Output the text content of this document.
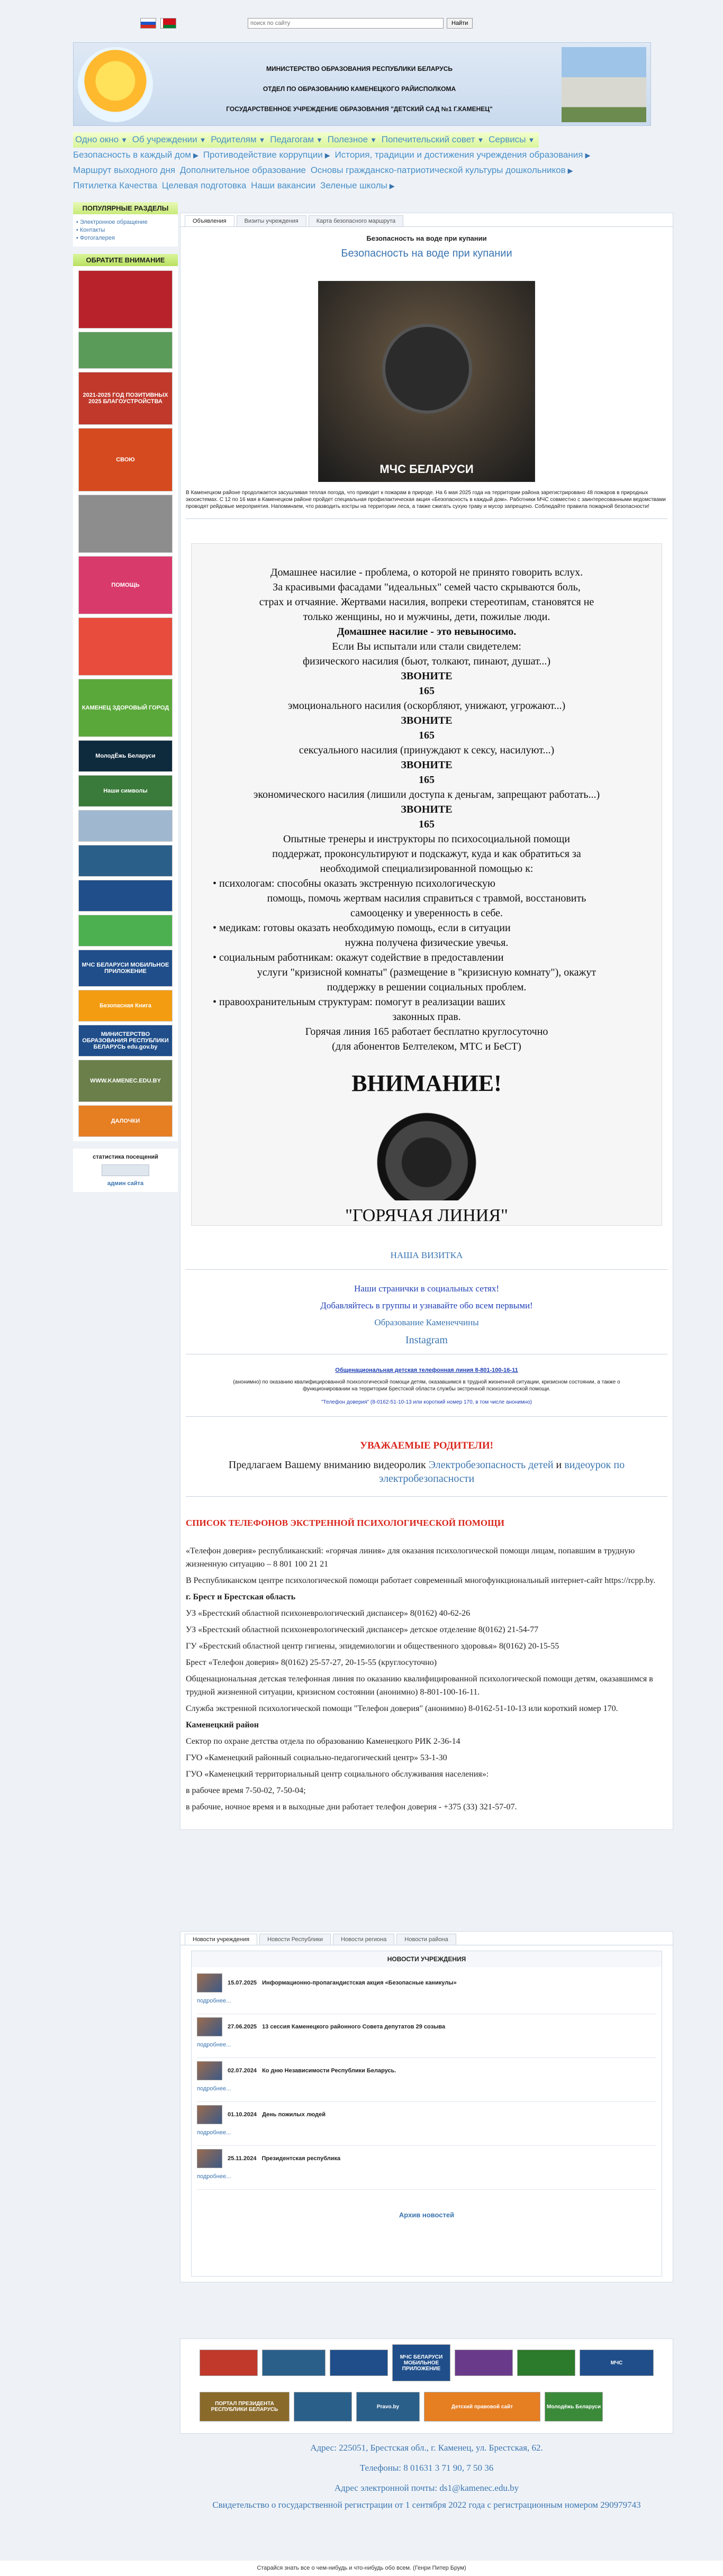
поиск по сайту
Найти
МИНИСТЕРСТВО ОБРАЗОВАНИЯ РЕСПУБЛИКИ БЕЛАРУСЬ
ОТДЕЛ ПО ОБРАЗОВАНИЮ КАМЕНЕЦКОГО РАЙИСПОЛКОМА
ГОСУДАРСТВЕННОЕ УЧРЕЖДЕНИЕ ОБРАЗОВАНИЯ "ДЕТСКИЙ САД №1 Г.КАМЕНЕЦ"
Одно окно ▼ Об учреждении ▼ Родителям ▼ Педагогам ▼ Полезное ▼ Попечительский совет ▼ Сервисы ▼
Безопасность в каждый дом ▶ Противодействие коррупции ▶ История, традиции и достижения учреждения образования ▶
Маршрут выходного дня Дополнительное образование Основы гражданско-патриотической культуры дошкольников ▶
Пятилетка Качества Целевая подготовка Наши вакансии Зеленые школы ▶
ПОПУЛЯРНЫЕ РАЗДЕЛЫ
• Электронное обращение
• Контакты
• Фотогалерея
ОБРАТИТЕ ВНИМАНИЕ
2021-2025 ГОД ПОЗИТИВНЫХ 2025 БЛАГОУСТРОЙСТВА
СВОЮ
ПОМОЩЬ
КАМЕНЕЦ ЗДОРОВЫЙ ГОРОД
МолодЁжь Беларуси
Наши символы
МЧС БЕЛАРУСИ МОБИЛЬНОЕ ПРИЛОЖЕНИЕ
Безопасная Книга
МИНИСТЕРСТВО ОБРАЗОВАНИЯ РЕСПУБЛИКИ БЕЛАРУСЬ edu.gov.by
WWW.KAMENEC.EDU.BY
ДАЛОЧКИ
статистика посещений
админ сайта
Объявления	Визиты учреждения	Карта безопасного маршрута
Безопасность на воде при купании
Безопасность на воде при купании
МЧС БЕЛАРУСИ
В Каменецком районе продолжается засушливая теплая погода, что приводит к пожарам в природе. На 6 мая 2025 года на территории района зарегистрировано 48 пожаров в природных экосистемах. С 12 по 16 мая в Каменецком районе пройдет специальная профилактическая акция «Безопасность в каждый дом». Работники МЧС совместно с заинтересованными ведомствами проводят рейдовые мероприятия. Напоминаем, что разводить костры на территории леса, а также сжигать сухую траву и мусор запрещено. Соблюдайте правила пожарной безопасности!

Домашнее насилие - проблема, о которой не принято говорить вслух.

За красивыми фасадами "идеальных" семей часто скрываются боль,

страх и отчаяние. Жертвами насилия, вопреки стереотипам, становятся не

только женщины, но и мужчины, дети, пожилые люди.

Домашнее насилие - это невыносимо.

Если Вы испытали или стали свидетелем:

физического насилия (бьют, толкают, пинают, душат...)

ЗВОНИТЕ

165

эмоционального насилия (оскорбляют, унижают, угрожают...)

ЗВОНИТЕ

165

сексуального насилия (принуждают к сексу, насилуют...)

ЗВОНИТЕ

165

экономического насилия (лишили доступа к деньгам, запрещают работать...)

ЗВОНИТЕ

165

Опытные тренеры и инструкторы по психосоциальной помощи

поддержат, проконсультируют и подскажут, куда и как обратиться за

необходимой специализированной помощью к:

• психологам: способны оказать экстренную психологическую

помощь, помочь жертвам насилия справиться с травмой, восстановить

самооценку и уверенность в себе.

• медикам: готовы оказать необходимую помощь, если в ситуации

нужна получена физические увечья.

• социальным работникам: окажут содействие в предоставлении

услуги "кризисной комнаты" (размещение в "кризисную комнату"), окажут

поддержку в решении социальных проблем.

• правоохранительным структурам: помогут в реализации ваших

законных прав.

Горячая линия 165 работает бесплатно круглосуточно

(для абонентов Белтелеком, МТС и БеСТ)

ВНИМАНИЕ!
"ГОРЯЧАЯ ЛИНИЯ"
НАША ВИЗИТКА
Наши странички в социальных сетях!
Добавляйтесь в группы и узнавайте обо всем первыми!
Образование Каменеччины
Instagram
Общенациональная детская телефонная линия 8-801-100-16-11
(анонимно) по оказанию квалифицированной психологической помощи детям, оказавшимся в трудной жизненной ситуации, кризисном состоянии, а также о функционировании на территории Брестской области службы экстренной психологической помощи.
"Телефон доверия" (8-0162-51-10-13 или короткий номер 170, в том числе анонимно)
УВАЖАЕМЫЕ РОДИТЕЛИ!
Предлагаем Вашему вниманию видеоролик Электробезопасность детей и видеоурок по электробезопасности
СПИСОК ТЕЛЕФОНОВ ЭКСТРЕННОЙ ПСИХОЛОГИЧЕСКОЙ ПОМОЩИ

«Телефон доверия» республиканский: «горячая линия» для оказания психологической помощи лицам, попавшим в трудную жизненную ситуацию – 8 801 100 21 21

В Республиканском центре психологической помощи работает современный многофункциональный интернет-сайт https://rcpp.by.

г. Брест и Брестская область

УЗ «Брестский областной психоневрологический диспансер» 8(0162) 40-62-26

УЗ «Брестский областной психоневрологический диспансер» детское отделение 8(0162) 21-54-77

ГУ «Брестский областной центр гигиены, эпидемиологии и общественного здоровья» 8(0162) 20-15-55

Брест «Телефон доверия» 8(0162) 25-57-27, 20-15-55 (круглосуточно)

Общенациональная детская телефонная линия по оказанию квалифицированной психологической помощи детям, оказавшимся в трудной жизненной ситуации, кризисном состоянии (анонимно) 8-801-100-16-11.

Служба экстренной психологической помощи "Телефон доверия" (анонимно) 8-0162-51-10-13 или короткий номер 170.

Каменецкий район

Сектор по охране детства отдела по образованию Каменецкого РИК 2-36-14

ГУО «Каменецкий районный социально-педагогический центр» 53-1-30

ГУО «Каменецкий территориальный центр социального обслуживания населения»:

в рабочее время 7-50-02, 7-50-04;

в рабочие, ночное время и в выходные дни работает телефон доверия - +375 (33) 321-57-07.

Новости учреждения	Новости Республики	Новости региона	Новости района
НОВОСТИ УЧРЕЖДЕНИЯ
15.07.2025 Информационно-пропагандистская акция «Безопасные каникулы»
подробнее...
27.06.2025 13 сессия Каменецкого районного Совета депутатов 29 созыва
подробнее...
02.07.2024 Ко дню Независимости Республики Беларусь.
подробнее...
01.10.2024 День пожилых людей
подробнее...
25.11.2024 Президентская республика
подробнее...
Архив новостей
МЧС БЕЛАРУСИ МОБИЛЬНОЕ ПРИЛОЖЕНИЕ
МЧС
ПОРТАЛ ПРЕЗИДЕНТА РЕСПУБЛИКИ БЕЛАРУСЬ	Pravo.by	Детский правовой сайт	Молодёжь Беларуси
Адрес: 225051, Брестская обл., г. Каменец, ул. Брестская, 62.
Телефоны: 8 01631 3 71 90, 7 50 36
Адрес электронной почты: ds1@kamenec.edu.by
Свидетельство о государственной регистрации от 1 сентября 2022 года с регистрационным номером 290979743
Старайся знать все о чем-нибудь и что-нибудь обо всем. (Генри Питер Брум)
